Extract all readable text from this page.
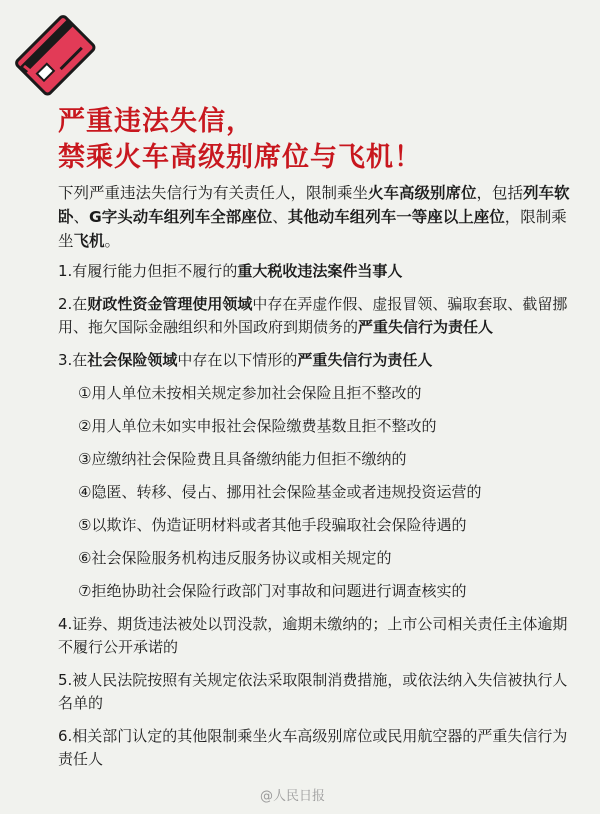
严重违法失信，
禁乘火车高级别席位与飞机！
下列严重违法失信行为有关责任人，限制乘坐火车高级别席位，包括列车软卧、G字头动车组列车全部座位、其他动车组列车一等座以上座位，限制乘坐飞机。
1.有履行能力但拒不履行的重大税收违法案件当事人
2.在财政性资金管理使用领域中存在弄虚作假、虚报冒领、骗取套取、截留挪用、拖欠国际金融组织和外国政府到期债务的严重失信行为责任人
3.在社会保险领域中存在以下情形的严重失信行为责任人
①用人单位未按相关规定参加社会保险且拒不整改的
②用人单位未如实申报社会保险缴费基数且拒不整改的
③应缴纳社会保险费且具备缴纳能力但拒不缴纳的
④隐匿、转移、侵占、挪用社会保险基金或者违规投资运营的
⑤以欺诈、伪造证明材料或者其他手段骗取社会保险待遇的
⑥社会保险服务机构违反服务协议或相关规定的
⑦拒绝协助社会保险行政部门对事故和问题进行调查核实的
4.证券、期货违法被处以罚没款，逾期未缴纳的；上市公司相关责任主体逾期不履行公开承诺的
5.被人民法院按照有关规定依法采取限制消费措施，或依法纳入失信被执行人名单的
6.相关部门认定的其他限制乘坐火车高级别席位或民用航空器的严重失信行为责任人
@人民日报
